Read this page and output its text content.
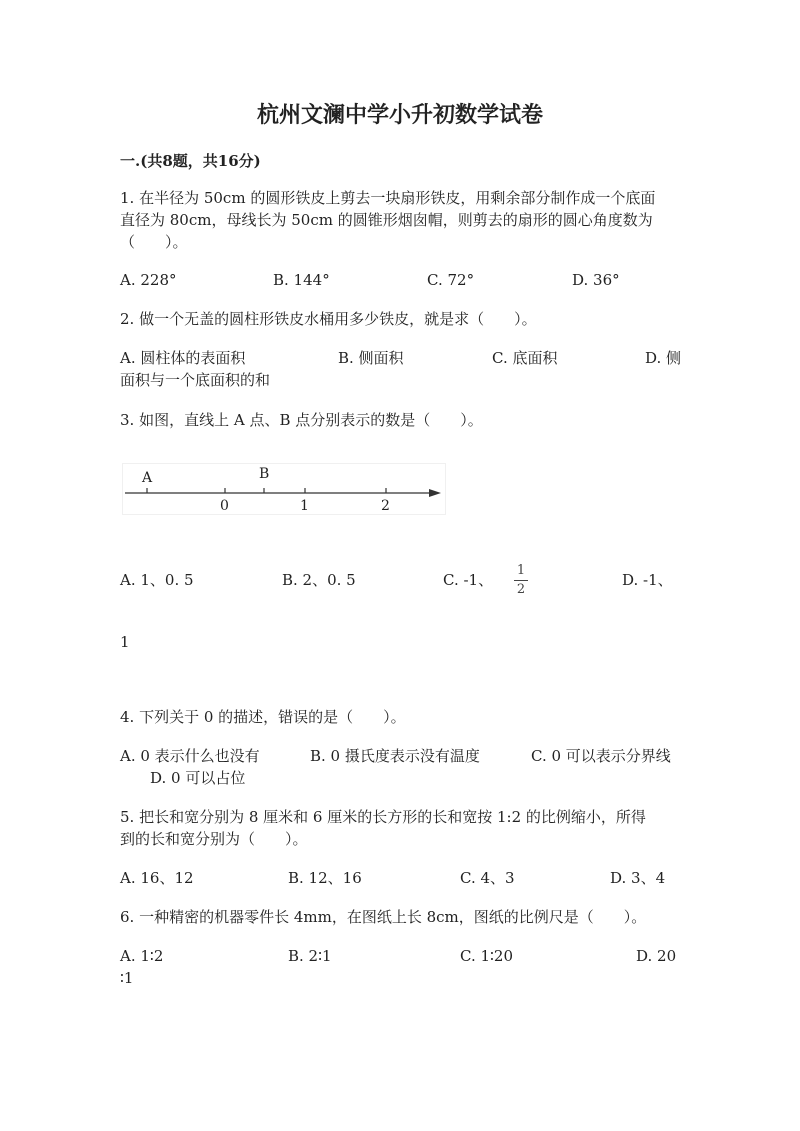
杭州文澜中学小升初数学试卷
一.(共8题，共16分)
1. 在半径为 50cm 的圆形铁皮上剪去一块扇形铁皮，用剩余部分制作成一个底面
直径为 80cm，母线长为 50cm 的圆锥形烟囱帽，则剪去的扇形的圆心角度数为
（　　）。
A. 228°	B. 144°	C. 72°	D. 36°
2. 做一个无盖的圆柱形铁皮水桶用多少铁皮，就是求（　　）。
A. 圆柱体的表面积	B. 侧面积	C. 底面积	D. 侧
面积与一个底面积的和
3. 如图，直线上 A 点、B 点分别表示的数是（　　）。
A	B
0	1	2
A. 1、0. 5	B. 2、0. 5	C. -1、
1
2
D. -1、
1
4. 下列关于 0 的描述，错误的是（　　）。
A. 0 表示什么也没有	B. 0 摄氏度表示没有温度	C. 0 可以表示分界线
D. 0 可以占位
5. 把长和宽分别为 8 厘米和 6 厘米的长方形的长和宽按 1:2 的比例缩小，所得
到的长和宽分别为（　　）。
A. 16、12	B. 12、16	C. 4、3	D. 3、4
6. 一种精密的机器零件长 4mm，在图纸上长 8cm，图纸的比例尺是（　　）。
A. 1∶2	B. 2∶1	C. 1∶20	D. 20
∶1
